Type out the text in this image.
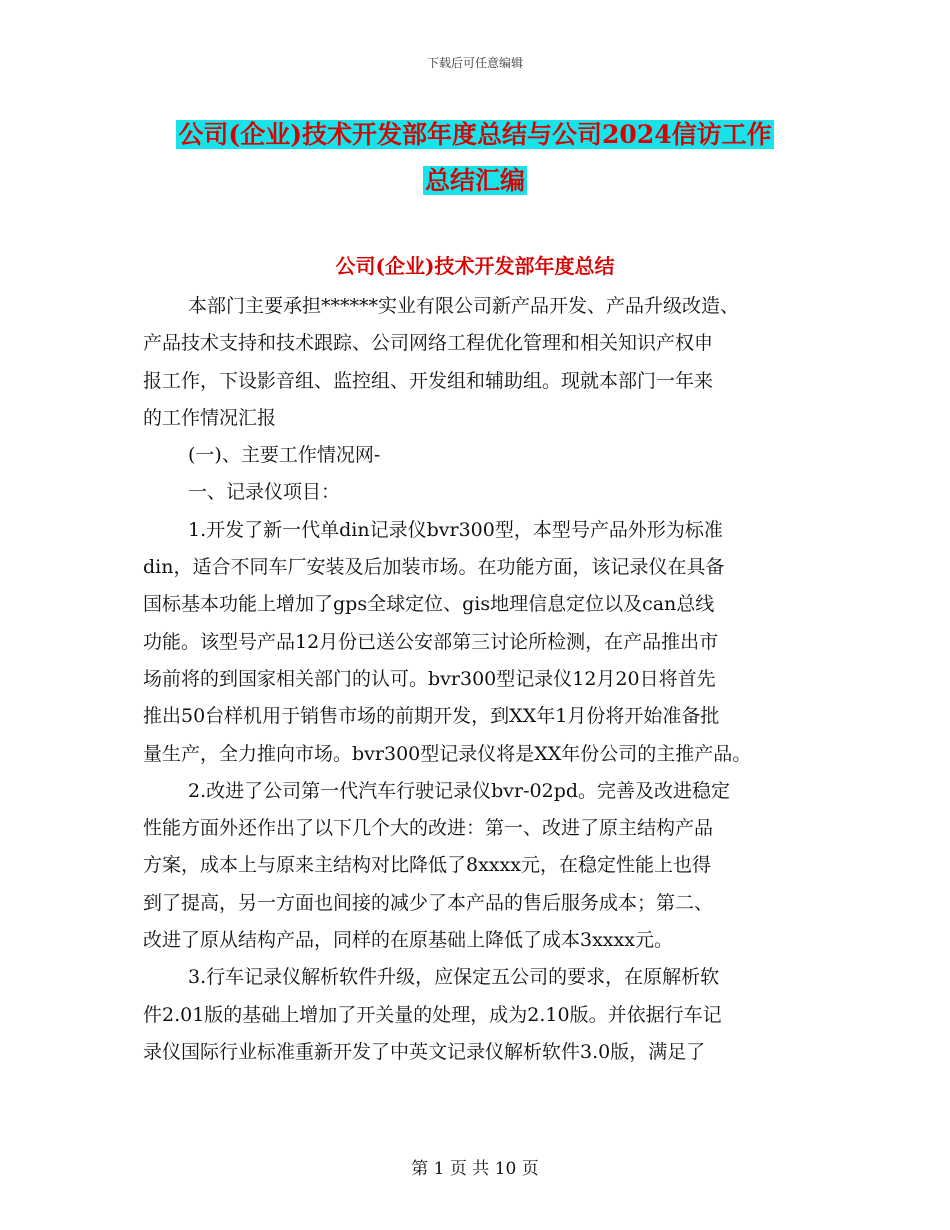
下载后可任意编辑
公司(企业)技术开发部年度总结与公司2024信访工作
总结汇编
公司(企业)技术开发部年度总结
本部门主要承担******实业有限公司新产品开发、产品升级改造、
产品技术支持和技术跟踪、公司网络工程优化管理和相关知识产权申
报工作，下设影音组、监控组、开发组和辅助组。现就本部门一年来
的工作情况汇报
(一)、主要工作情况网-
一、记录仪项目：
1.开发了新一代单din记录仪bvr300型，本型号产品外形为标准
din，适合不同车厂安装及后加装市场。在功能方面，该记录仪在具备
国标基本功能上增加了gps全球定位、gis地理信息定位以及can总线
功能。该型号产品12月份已送公安部第三讨论所检测，在产品推出市
场前将的到国家相关部门的认可。bvr300型记录仪12月20日将首先
推出50台样机用于销售市场的前期开发，到XX年1月份将开始准备批
量生产，全力推向市场。bvr300型记录仪将是XX年份公司的主推产品。
2.改进了公司第一代汽车行驶记录仪bvr-02pd。完善及改进稳定
性能方面外还作出了以下几个大的改进：第一、改进了原主结构产品
方案，成本上与原来主结构对比降低了8xxxx元，在稳定性能上也得
到了提高，另一方面也间接的减少了本产品的售后服务成本；第二、
改进了原从结构产品，同样的在原基础上降低了成本3xxxx元。
3.行车记录仪解析软件升级，应保定五公司的要求，在原解析软
件2.01版的基础上增加了开关量的处理，成为2.10版。并依据行车记
录仪国际行业标准重新开发了中英文记录仪解析软件3.0版，满足了
第 1 页 共 10 页
